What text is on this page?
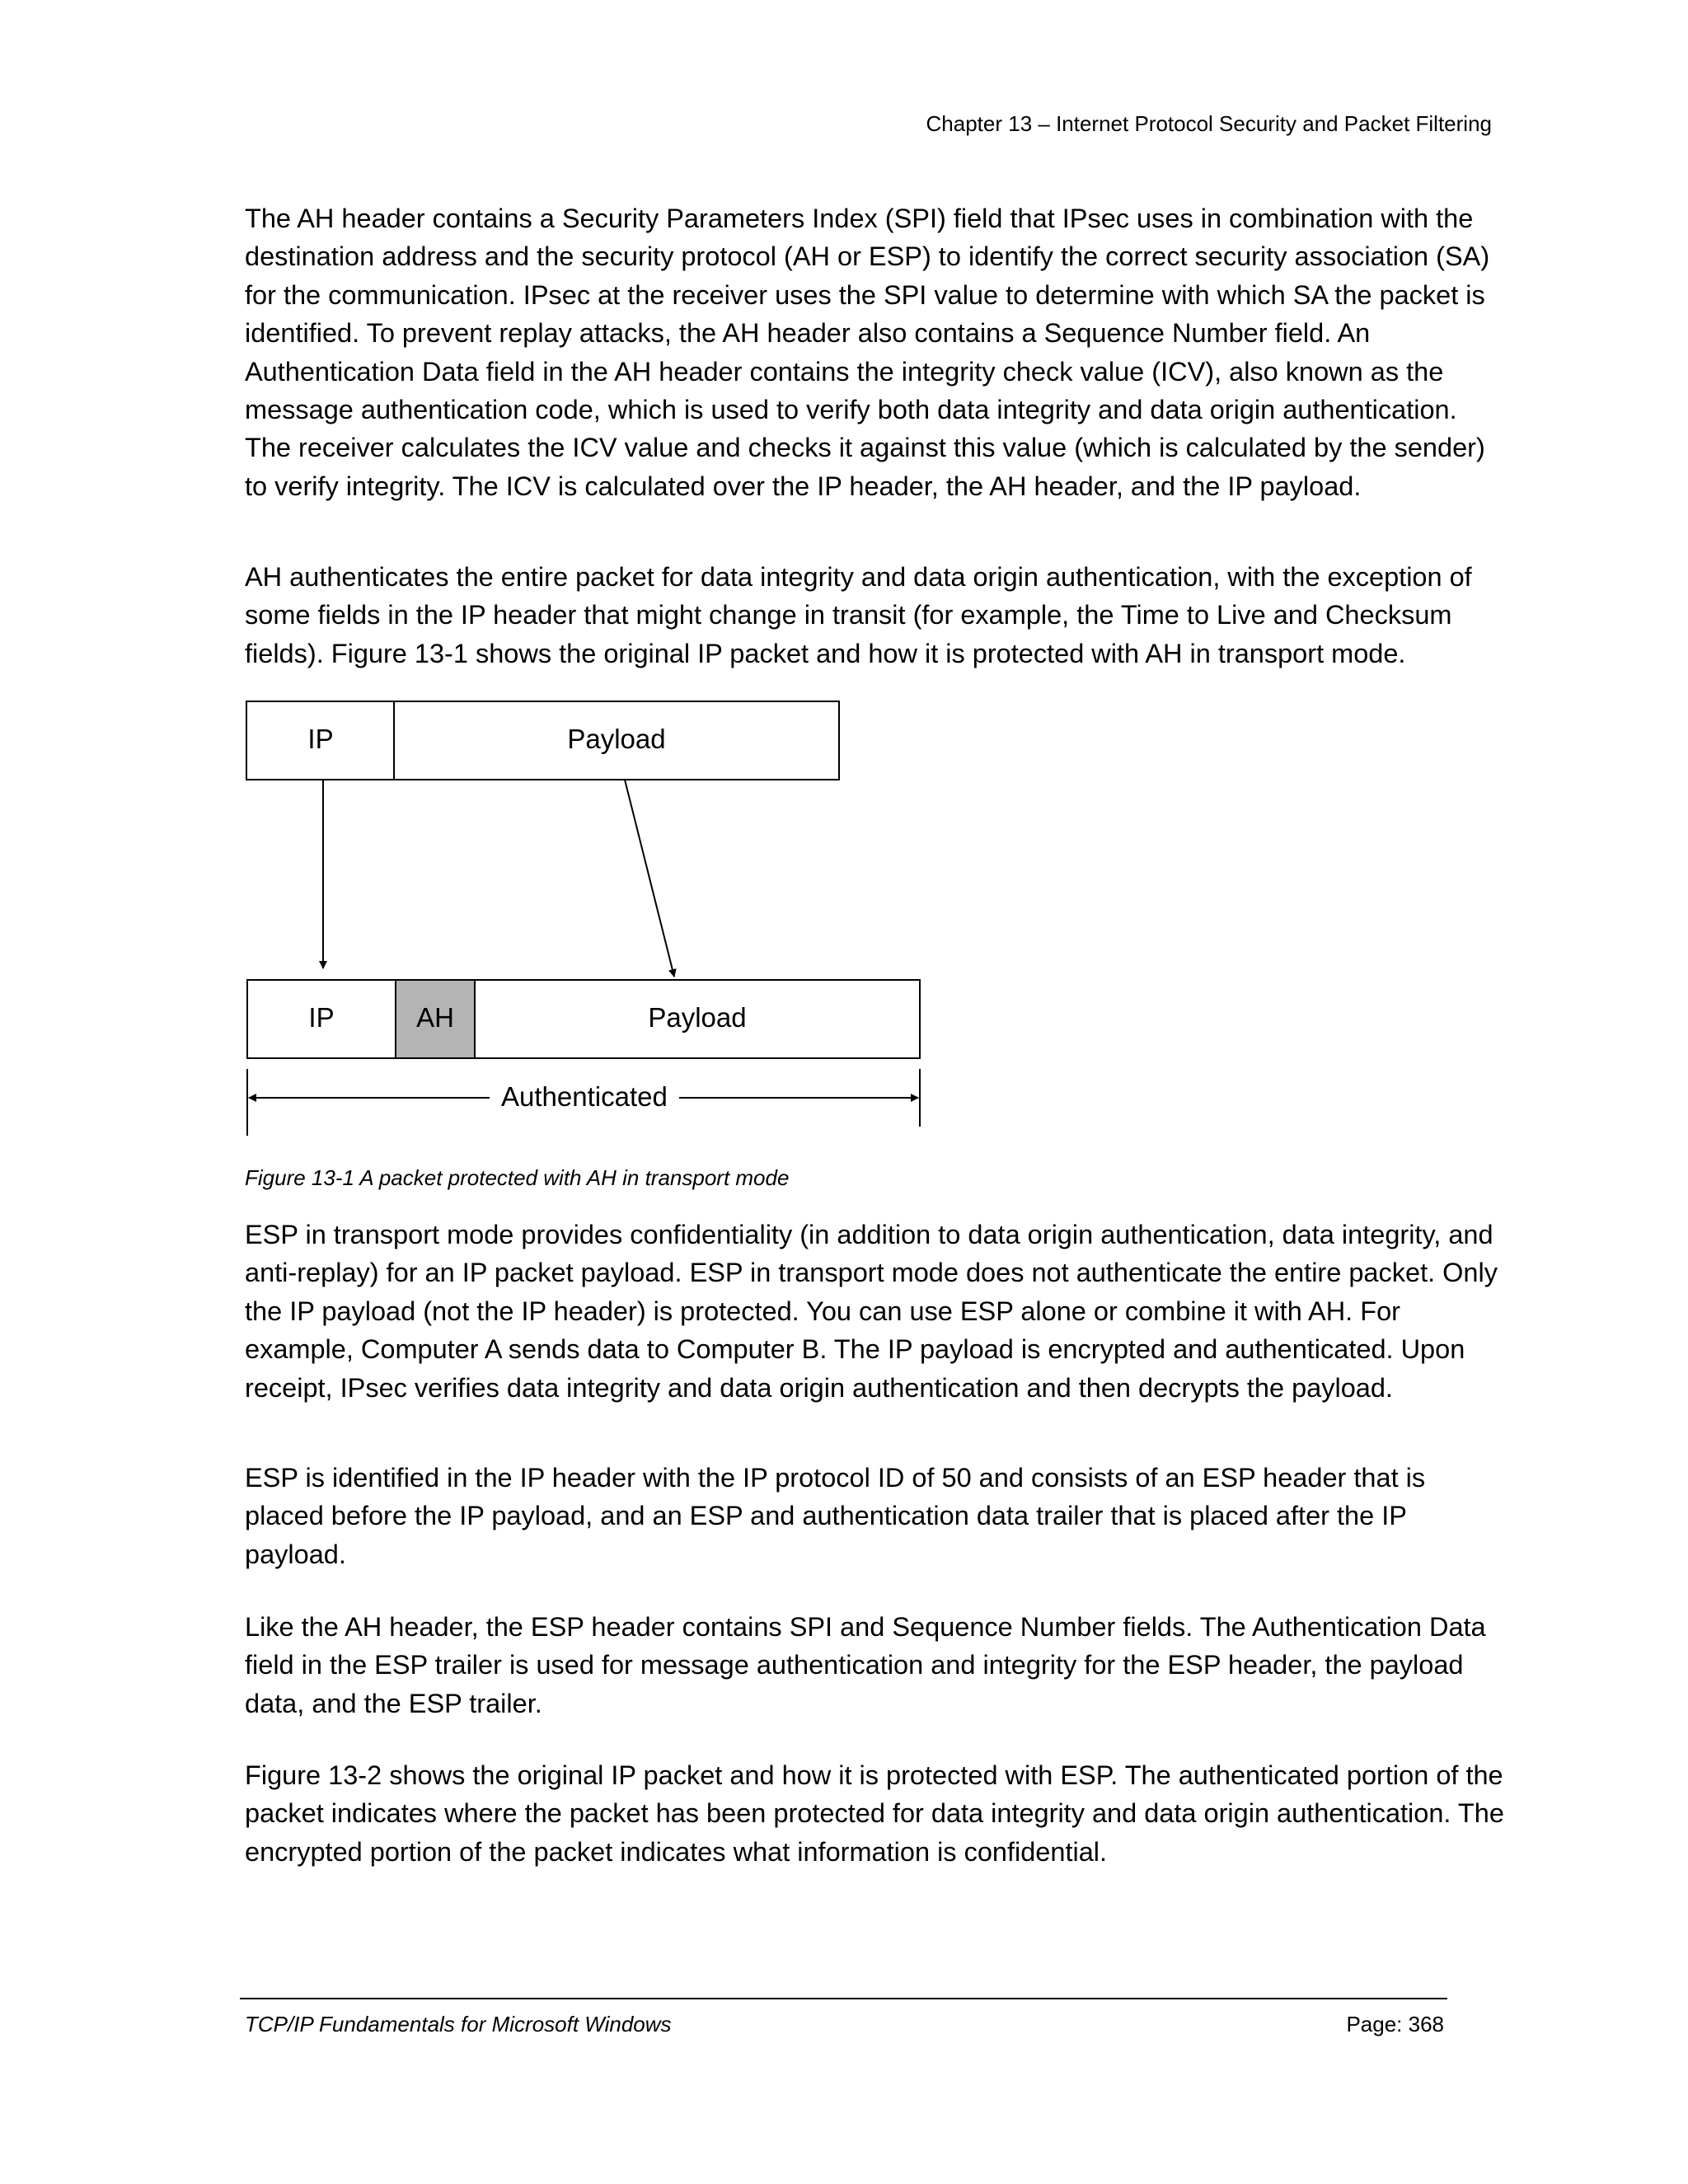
Chapter 13 – Internet Protocol Security and Packet Filtering

The AH header contains a Security Parameters Index (SPI) field that IPsec uses in combination with the destination address and the security protocol (AH or ESP) to identify the correct security association (SA) for the communication. IPsec at the receiver uses the SPI value to determine with which SA the packet is identified. To prevent replay attacks, the AH header also contains a Sequence Number field. An Authentication Data field in the AH header contains the integrity check value (ICV), also known as the message authentication code, which is used to verify both data integrity and data origin authentication. The receiver calculates the ICV value and checks it against this value (which is calculated by the sender) to verify integrity. The ICV is calculated over the IP header, the AH header, and the IP payload.

AH authenticates the entire packet for data integrity and data origin authentication, with the exception of some fields in the IP header that might change in transit (for example, the Time to Live and Checksum fields). Figure 13-1 shows the original IP packet and how it is protected with AH in transport mode.

IP	Payload
IP	AH	Payload
Authenticated
Figure 13-1 A packet protected with AH in transport mode

ESP in transport mode provides confidentiality (in addition to data origin authentication, data integrity, and anti-replay) for an IP packet payload. ESP in transport mode does not authenticate the entire packet. Only the IP payload (not the IP header) is protected. You can use ESP alone or combine it with AH. For example, Computer A sends data to Computer B. The IP payload is encrypted and authenticated. Upon receipt, IPsec verifies data integrity and data origin authentication and then decrypts the payload.

ESP is identified in the IP header with the IP protocol ID of 50 and consists of an ESP header that is placed before the IP payload, and an ESP and authentication data trailer that is placed after the IP payload.

Like the AH header, the ESP header contains SPI and Sequence Number fields. The Authentication Data field in the ESP trailer is used for message authentication and integrity for the ESP header, the payload data, and the ESP trailer.

Figure 13-2 shows the original IP packet and how it is protected with ESP. The authenticated portion of the packet indicates where the packet has been protected for data integrity and data origin authentication. The encrypted portion of the packet indicates what information is confidential.

TCP/IP Fundamentals for Microsoft Windows	Page: 368
